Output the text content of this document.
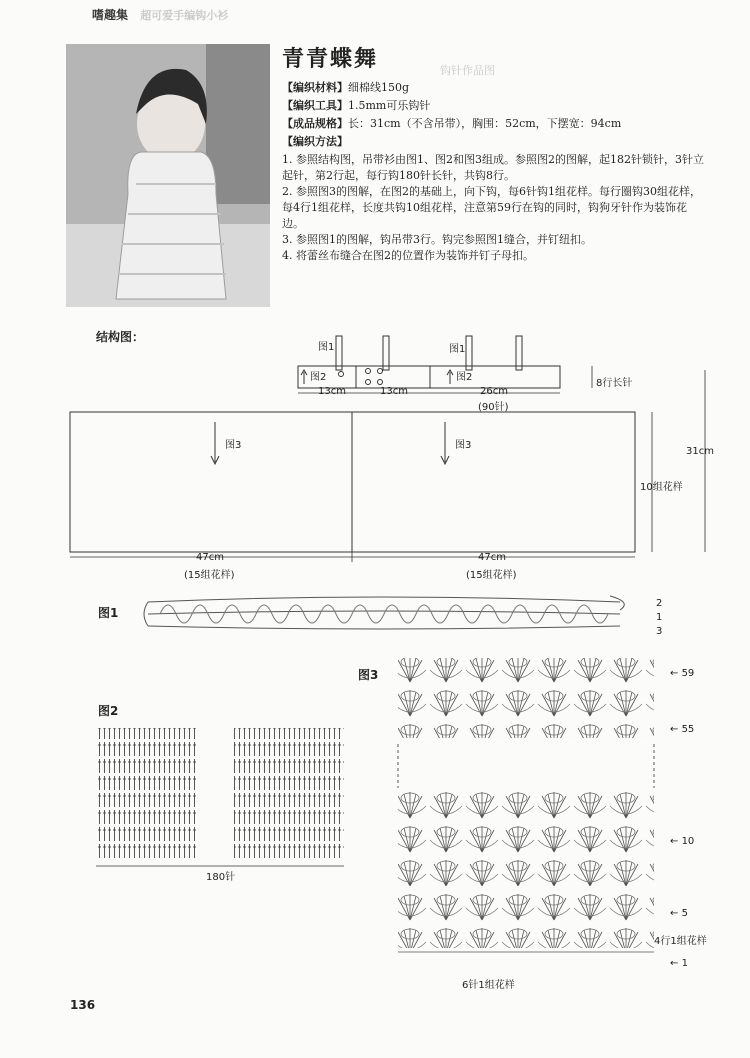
嗜趣集 超可爱手编钩小衫
钩针作品图
青青蝶舞
【编织材料】细棉线150g
【编织工具】1.5mm可乐钩针
【成品规格】长：31cm（不含吊带），胸围：52cm，下摆宽：94cm
【编织方法】
1. 参照结构图，吊带衫由图1、图2和图3组成。参照图2的图解，起182针锁针，3针立
起针，第2行起，每行钩180针长针，共钩8行。
2. 参照图3的图解，在图2的基础上，向下钩，每6针钩1组花样。每行圈钩30组花样，
每4行1组花样，长度共钩10组花样，注意第59行在钩的同时，钩狗牙针作为装饰花
边。
3. 参照图1的图解，钩吊带3行。钩完参照图1缝合，并钉纽扣。
4. 将蕾丝布缝合在图2的位置作为装饰并钉子母扣。
结构图：
图1	图1
图2	图2
13cm	13cm	26cm
(90针)
8行长针
图3	图3
31cm
10组花样
47cm
(15组花样)
47cm
(15组花样)
图1
2
1
3
图2
180针
图3	← 59
← 55
← 10
← 5
4行1组花样
← 1
6针1组花样
136
